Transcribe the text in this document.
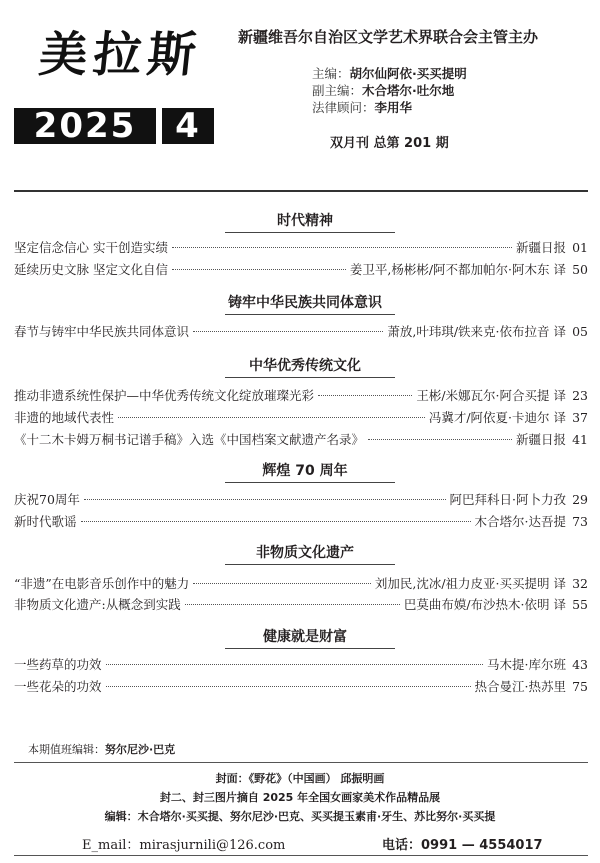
美拉斯
2025	4
新疆维吾尔自治区文学艺术界联合会主管主办
主编：胡尔仙阿依·买买提明
副主编：木合塔尔·吐尔地
法律顾问：李用华
双月刊 总第 201 期
时代精神
坚定信念信心 实干创造实绩	新疆日报 01
延续历史文脉 坚定文化自信	姜卫平,杨彬彬/阿不都加帕尔·阿木东 译 50
铸牢中华民族共同体意识
春节与铸牢中华民族共同体意识	萧放,叶玮琪/铁来克·依布拉音 译 05
中华优秀传统文化
推动非遗系统性保护—中华优秀传统文化绽放璀璨光彩	王彬/米娜瓦尔·阿合买提 译 23
非遗的地域代表性	冯冀才/阿依夏·卡迪尔 译 37
《十二木卡姆万桐书记谱手稿》入选《中国档案文献遗产名录》	新疆日报 41
辉煌 70 周年
庆祝70周年	阿巴拜科日·阿卜力孜 29
新时代歌谣	木合塔尔·达吾提 73
非物质文化遗产
“非遗”在电影音乐创作中的魅力	刘加民,沈冰/祖力皮亚·买买提明 译 32
非物质文化遗产:从概念到实践	巴莫曲布嫫/布沙热木·依明 译 55
健康就是财富
一些药草的功效	马木提·库尔班 43
一些花朵的功效	热合曼江·热苏里 75
本期值班编辑：努尔尼沙·巴克
封面：《野花》（中国画） 邱振明画
封二、封三图片摘自 2025 年全国女画家美术作品精品展
编辑：木合塔尔·买买提、努尔尼沙·巴克、买买提玉素甫·牙生、苏比努尔·买买提
E_mail：mirasjurnili@126.com	电话：0991 — 4554017
